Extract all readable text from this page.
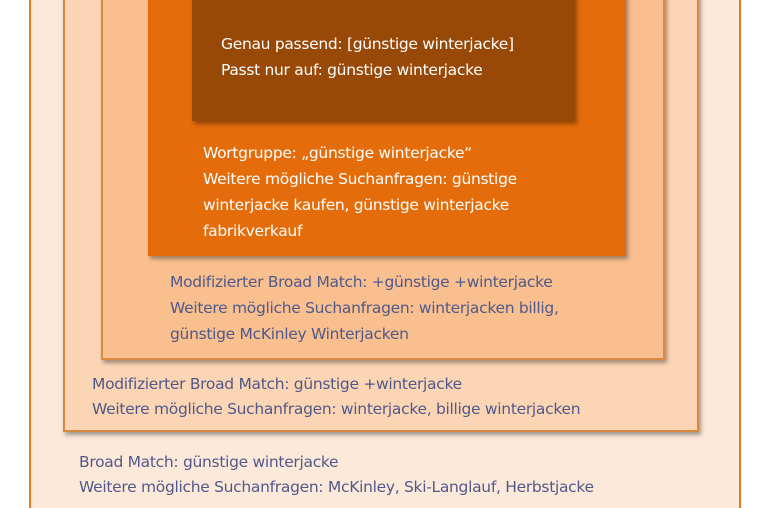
Genau passend: [günstige winterjacke]
Passt nur auf: günstige winterjacke
Wortgruppe: „günstige winterjacke“
Weitere mögliche Suchanfragen: günstige
winterjacke kaufen, günstige winterjacke
fabrikverkauf
Modifizierter Broad Match: +günstige +winterjacke
Weitere mögliche Suchanfragen: winterjacken billig,
günstige McKinley Winterjacken
Modifizierter Broad Match: günstige +winterjacke
Weitere mögliche Suchanfragen: winterjacke, billige winterjacken
Broad Match: günstige winterjacke
Weitere mögliche Suchanfragen: McKinley, Ski-Langlauf, Herbstjacke
